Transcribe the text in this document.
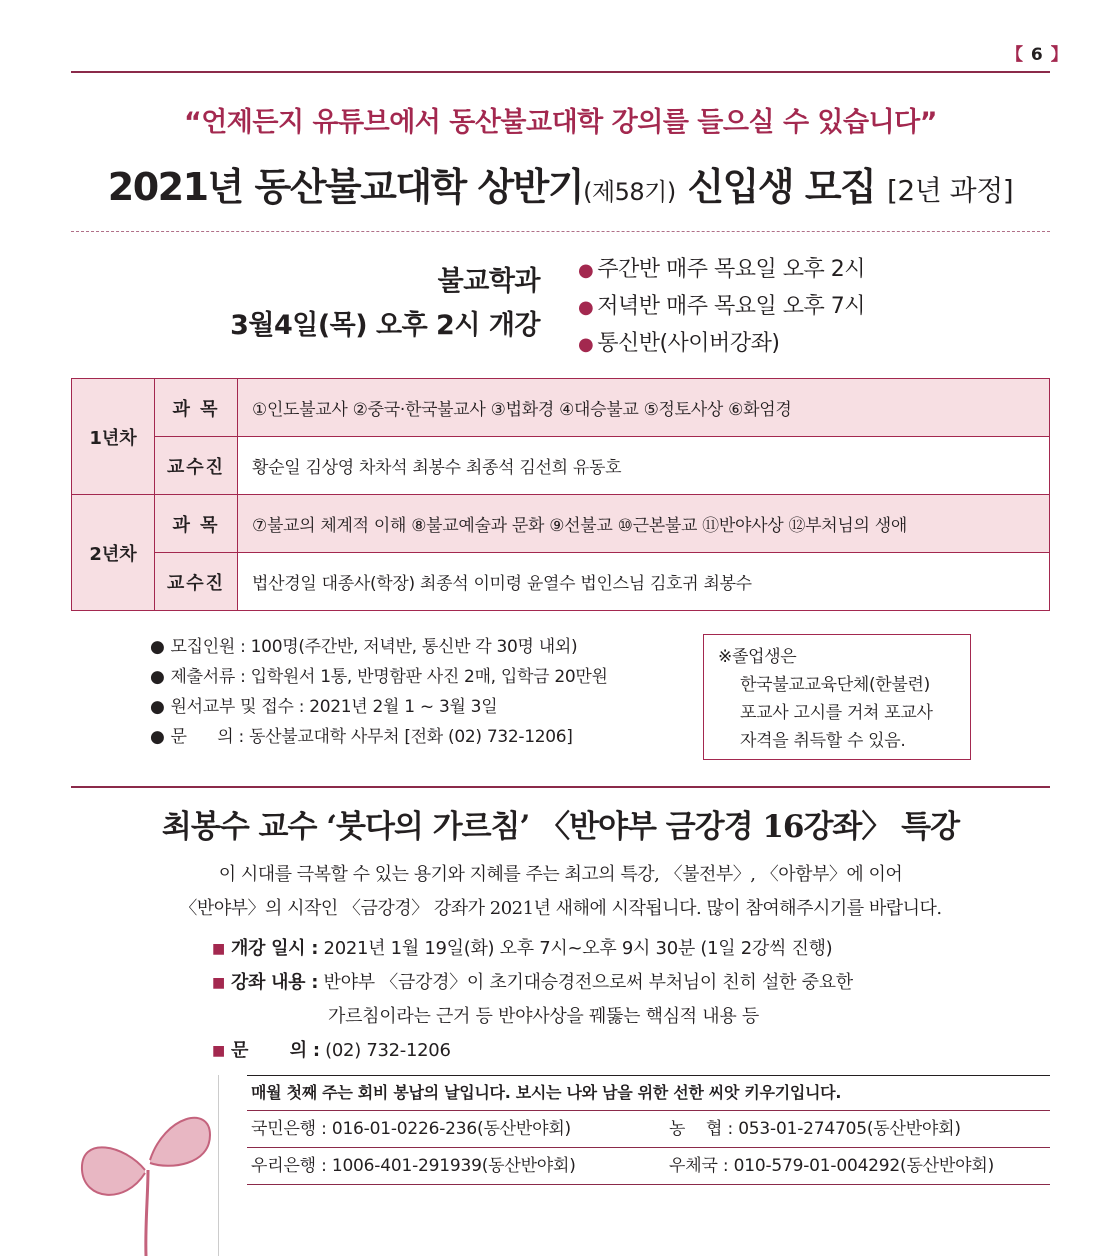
【 6 】
“언제든지 유튜브에서 동산불교대학 강의를 들으실 수 있습니다”
2021년 동산불교대학 상반기(제58기) 신입생 모집 [2년 과정]
불교학과
3월4일(목) 오후 2시 개강
● 주간반 매주 목요일 오후 2시
● 저녁반 매주 목요일 오후 7시
● 통신반(사이버강좌)
1년차	과 목	①인도불교사 ②중국·한국불교사 ③법화경 ④대승불교 ⑤정토사상 ⑥화엄경
	교수진	황순일 김상영 차차석 최봉수 최종석 김선희 유동호
2년차	과 목	⑦불교의 체계적 이해 ⑧불교예술과 문화 ⑨선불교 ⑩근본불교 ⑪반야사상 ⑫부처님의 생애
	교수진	법산경일 대종사(학장) 최종석 이미령 윤열수 법인스님 김호귀 최봉수
● 모집인원 : 100명(주간반, 저녁반, 통신반 각 30명 내외)
● 제출서류 : 입학원서 1통, 반명함판 사진 2매, 입학금 20만원
● 원서교부 및 접수 : 2021년 2월 1 ~ 3월 3일
● 문      의 : 동산불교대학 사무처 [전화 (02) 732-1206]
※졸업생은
한국불교교육단체(한불련)
포교사 고시를 거쳐 포교사
자격을 취득할 수 있음.
최봉수 교수 ‘붓다의 가르침’ 〈반야부 금강경 16강좌〉 특강
이 시대를 극복할 수 있는 용기와 지혜를 주는 최고의 특강, 〈불전부〉, 〈아함부〉에 이어
〈반야부〉의 시작인 〈금강경〉 강좌가 2021년 새해에 시작됩니다. 많이 참여해주시기를 바랍니다.
■ 개강 일시 :
2021년 1월 19일(화) 오후 7시~오후 9시 30분 (1일 2강씩 진행)
■ 강좌 내용 :
반야부 〈금강경〉이 초기대승경전으로써 부처님이 친히 설한 중요한
가르침이라는 근거 등 반야사상을 꿰뚫는 핵심적 내용 등
■ 문       의 :
(02) 732-1206
매월 첫째 주는 회비 봉납의 날입니다. 보시는 나와 남을 위한 선한 씨앗 키우기입니다.
국민은행 : 016-01-0226-236(동산반야회)	농    협 : 053-01-274705(동산반야회)
우리은행 : 1006-401-291939(동산반야회)	우체국 : 010-579-01-004292(동산반야회)
